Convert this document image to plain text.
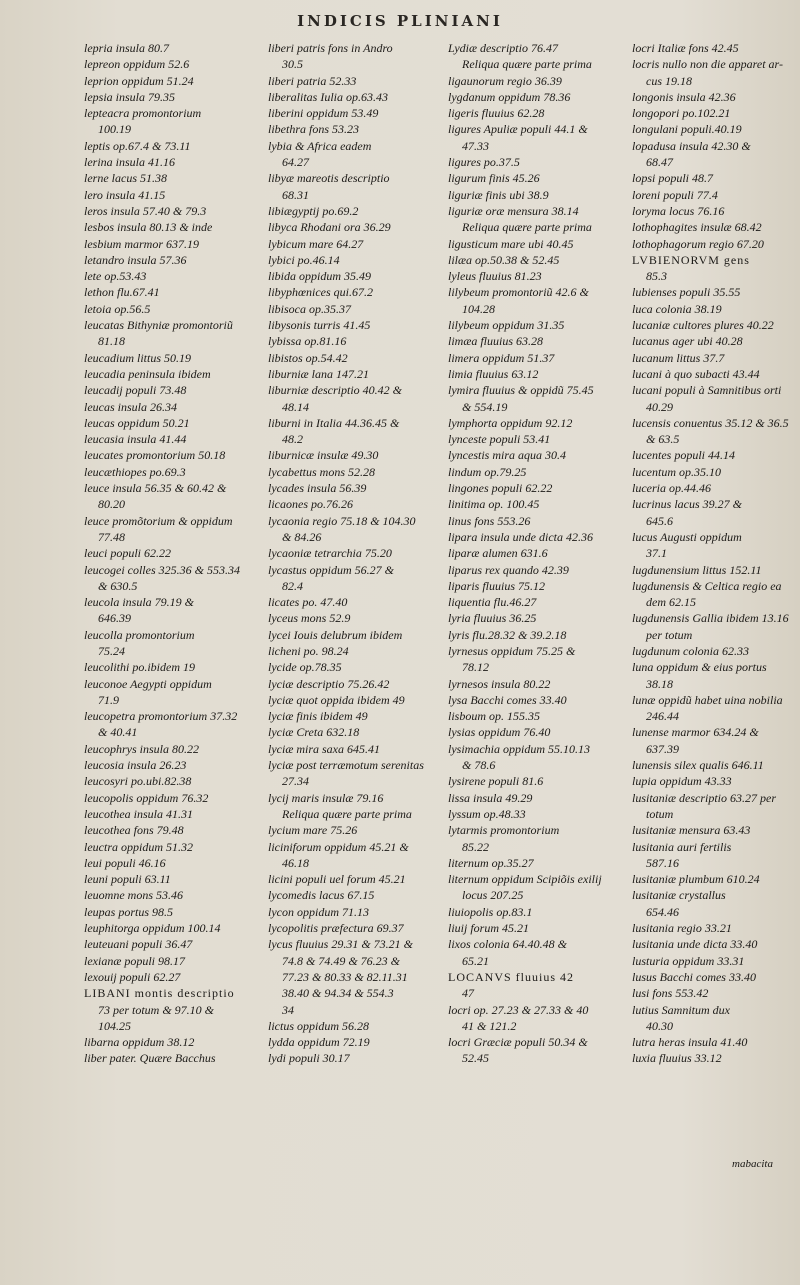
INDICIS PLINIANI
lepria insula 80.7
lepreon oppidum 52.6
leprion oppidum 51.24
lepsia insula 79.35
lepteacra promontorium
100.19
leptis op.67.4 & 73.11
lerina insula 41.16
lerne lacus 51.38
lero insula 41.15
leros insula 57.40 & 79.3
lesbos insula 80.13 & inde
lesbium marmor 637.19
letandro insula 57.36
lete op.53.43
lethon flu.67.41
letoia op.56.5
leucatas Bithyniæ promontoriũ
81.18
leucadium littus 50.19
leucadia peninsula ibidem
leucadij populi 73.48
leucas insula 26.34
leucas oppidum 50.21
leucasia insula 41.44
leucates promontorium 50.18
leucæthiopes po.69.3
leuce insula 56.35 & 60.42 &
80.20
leuce promõtorium & oppidum
77.48
leuci populi 62.22
leucogei colles 325.36 & 553.34
& 630.5
leucola insula 79.19 &
646.39
leucolla promontorium
75.24
leucolithi po.ibidem 19
leuconoe Aegypti oppidum
71.9
leucopetra promontorium 37.32
& 40.41
leucophrys insula 80.22
leucosia insula 26.23
leucosyri po.ubi.82.38
leucopolis oppidum 76.32
leucothea insula 41.31
leucothea fons 79.48
leuctra oppidum 51.32
leui populi 46.16
leuni populi 63.11
leuomne mons 53.46
leupas portus 98.5
leuphitorga oppidum 100.14
leuteuani populi 36.47
lexianæ populi 98.17
lexouij populi 62.27
LIBANI montis descriptio
73 per totum & 97.10 &
104.25
libarna oppidum 38.12
liber pater. Quære Bacchus
liberi patris fons in Andro
30.5
liberi patria 52.33
liberalitas Iulia op.63.43
liberini oppidum 53.49
libethra fons 53.23
lybia & Africa eadem
64.27
libyæ mareotis descriptio
68.31
libiægyptij po.69.2
libyca Rhodani ora 36.29
lybicum mare 64.27
lybici po.46.14
libida oppidum 35.49
libyphœnices qui.67.2
libisoca op.35.37
libysonis turris 41.45
lybissa op.81.16
libistos op.54.42
liburniæ lana 147.21
liburniæ descriptio 40.42 &
48.14
liburni in Italia 44.36.45 &
48.2
liburnicæ insulæ 49.30
lycabettus mons 52.28
lycades insula 56.39
licaones po.76.26
lycaonia regio 75.18 & 104.30
& 84.26
lycaoniæ tetrarchia 75.20
lycastus oppidum 56.27 &
82.4
licates po. 47.40
lyceus mons 52.9
lycei Iouis delubrum ibidem
licheni po. 98.24
lycide op.78.35
lyciæ descriptio 75.26.42
lyciæ quot oppida ibidem 49
lyciæ finis ibidem 49
lyciæ Creta 632.18
lyciæ mira saxa 645.41
lyciæ post terræmotum serenitas
27.34
lycij maris insulæ 79.16
Reliqua quære parte prima
lycium mare 75.26
liciniforum oppidum 45.21 &
46.18
licini populi uel forum 45.21
lycomedis lacus 67.15
lycon oppidum 71.13
lycopolitis præfectura 69.37
lycus fluuius 29.31 & 73.21 &
74.8 & 74.49 & 76.23 &
77.23 & 80.33 & 82.11.31
38.40 & 94.34 & 554.3
34
lictus oppidum 56.28
lydda oppidum 72.19
lydi populi 30.17
Lydiæ descriptio 76.47
Reliqua quære parte prima
ligaunorum regio 36.39
lygdanum oppidum 78.36
ligeris fluuius 62.28
ligures Apuliæ populi 44.1 &
47.33
ligures po.37.5
ligurum finis 45.26
liguriæ finis ubi 38.9
liguriæ oræ mensura 38.14
Reliqua quære parte prima
ligusticum mare ubi 40.45
lilæa op.50.38 & 52.45
lyleus fluuius 81.23
lilybeum promontoriũ 42.6 &
104.28
lilybeum oppidum 31.35
limæa fluuius 63.28
limera oppidum 51.37
limia fluuius 63.12
lymira fluuius & oppidũ 75.45
& 554.19
lymphorta oppidum 92.12
lynceste populi 53.41
lyncestis mira aqua 30.4
lindum op.79.25
lingones populi 62.22
linitima op. 100.45
linus fons 553.26
lipara insula unde dicta 42.36
liparæ alumen 631.6
liparus rex quando 42.39
liparis fluuius 75.12
liquentia flu.46.27
lyria fluuius 36.25
lyris flu.28.32 & 39.2.18
lyrnesus oppidum 75.25 &
78.12
lyrnesos insula 80.22
lysa Bacchi comes 33.40
lisboum op. 155.35
lysias oppidum 76.40
lysimachia oppidum 55.10.13
& 78.6
lysirene populi 81.6
lissa insula 49.29
lyssum op.48.33
lytarmis promontorium
85.22
liternum op.35.27
liternum oppidum Scipiõis exilij
locus 207.25
liuiopolis op.83.1
liuij forum 45.21
lixos colonia 64.40.48 &
65.21
LOCANVS fluuius 42
47
locri op. 27.23 & 27.33 & 40
41 & 121.2
locri Græciæ populi 50.34 &
52.45
locri Italiæ fons 42.45
locris nullo non die apparet ar-
cus 19.18
longonis insula 42.36
longopori po.102.21
longulani populi.40.19
lopadusa insula 42.30 &
68.47
lopsi populi 48.7
loreni populi 77.4
loryma locus 76.16
lothophagites insulæ 68.42
lothophagorum regio 67.20
LVBIENORVM gens
85.3
lubienses populi 35.55
luca colonia 38.19
lucaniæ cultores plures 40.22
lucanus ager ubi 40.28
lucanum littus 37.7
lucani à quo subacti 43.44
lucani populi à Samnitibus orti
40.29
lucensis conuentus 35.12 & 36.5
& 63.5
lucentes populi 44.14
lucentum op.35.10
luceria op.44.46
lucrinus lacus 39.27 &
645.6
lucus Augusti oppidum
37.1
lugdunensium littus 152.11
lugdunensis & Celtica regio ea
dem 62.15
lugdunensis Gallia ibidem 13.16
per totum
lugdunum colonia 62.33
luna oppidum & eius portus
38.18
lunæ oppidũ habet uina nobilia
246.44
lunense marmor 634.24 &
637.39
lunensis silex qualis 646.11
lupia oppidum 43.33
lusitaniæ descriptio 63.27 per
totum
lusitaniæ mensura 63.43
lusitania auri fertilis
587.16
lusitaniæ plumbum 610.24
lusitaniæ crystallus
654.46
lusitania regio 33.21
lusitania unde dicta 33.40
lusturia oppidum 33.31
lusus Bacchi comes 33.40
lusi fons 553.42
lutius Samnitum dux
40.30
lutra heras insula 41.40
luxia fluuius 33.12
mabacita
